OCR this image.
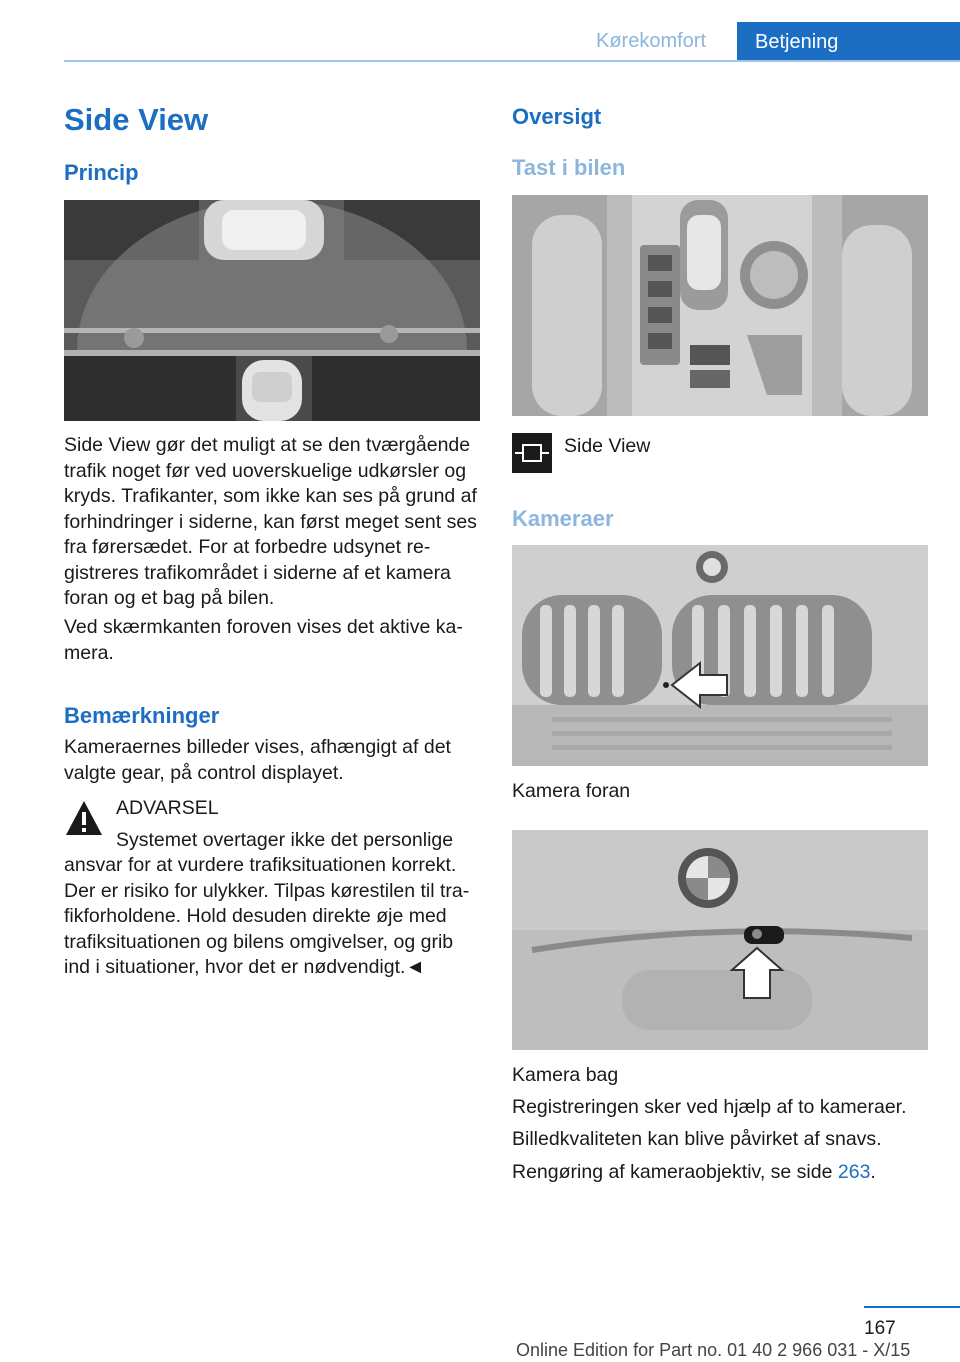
Kørekomfort	Betjening
Side View
Princip

Side View gør det muligt at se den tværgående trafik noget før ved uoverskuelige udkørsler og kryds. Trafikanter, som ikke kan ses på grund af forhindringer i siderne, kan først meget sent ses fra førersædet. For at forbedre udsynet registreres trafikområdet i siderne af et kamera foran og et bag på bilen.

Ved skærmkanten foroven vises det aktive kamera.

Bemærkninger

Kameraernes billeder vises, afhængigt af det valgte gear, på control displayet.

ADVARSEL

Systemet overtager ikke det personlige

ansvar for at vurdere trafiksituationen korrekt. Der er risiko for ulykker. Tilpas kørestilen til trafikforholdene. Hold desuden direkte øje med trafiksituationen og bilens omgivelser, og grib ind i situationer, hvor det er nødvendigt.◄

Oversigt
Tast i bilen

Side View

Kameraer

Kamera foran

Kamera bag

Registreringen sker ved hjælp af to kameraer.

Billedkvaliteten kan blive påvirket af snavs.

Rengøring af kameraobjektiv, se side 263.

167
Online Edition for Part no. 01 40 2 966 031 - X/15
